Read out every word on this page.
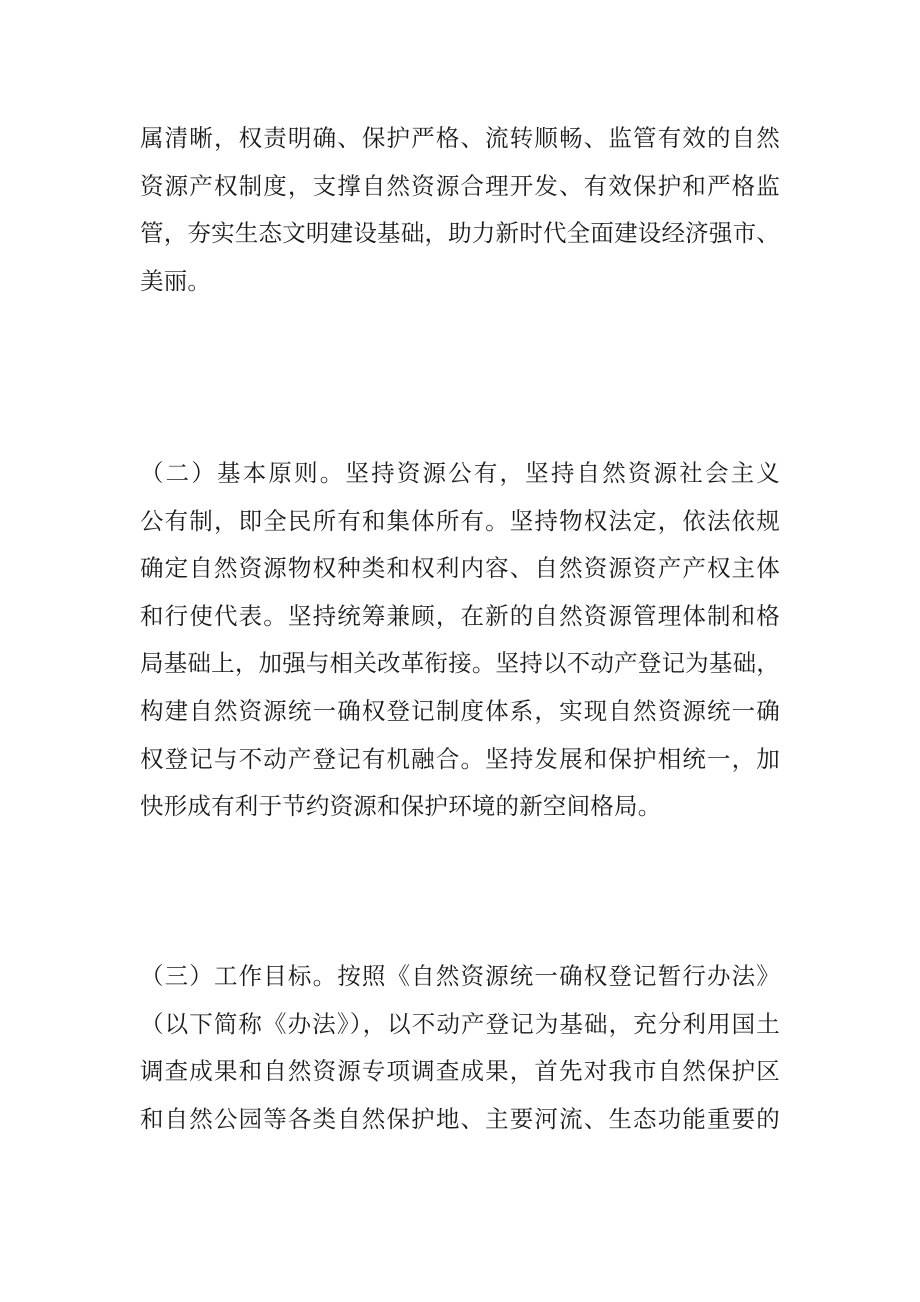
属清晰，权责明确、保护严格、流转顺畅、监管有效的自然
资源产权制度，支撑自然资源合理开发、有效保护和严格监
管，夯实生态文明建设基础，助力新时代全面建设经济强市、
美丽。
（二）基本原则。坚持资源公有，坚持自然资源社会主义
公有制，即全民所有和集体所有。坚持物权法定，依法依规
确定自然资源物权种类和权利内容、自然资源资产产权主体
和行使代表。坚持统筹兼顾，在新的自然资源管理体制和格
局基础上，加强与相关改革衔接。坚持以不动产登记为基础，
构建自然资源统一确权登记制度体系，实现自然资源统一确
权登记与不动产登记有机融合。坚持发展和保护相统一，加
快形成有利于节约资源和保护环境的新空间格局。
（三）工作目标。按照《自然资源统一确权登记暂行办法》
（以下简称《办法》），以不动产登记为基础，充分利用国土
调查成果和自然资源专项调查成果，首先对我市自然保护区
和自然公园等各类自然保护地、主要河流、生态功能重要的
